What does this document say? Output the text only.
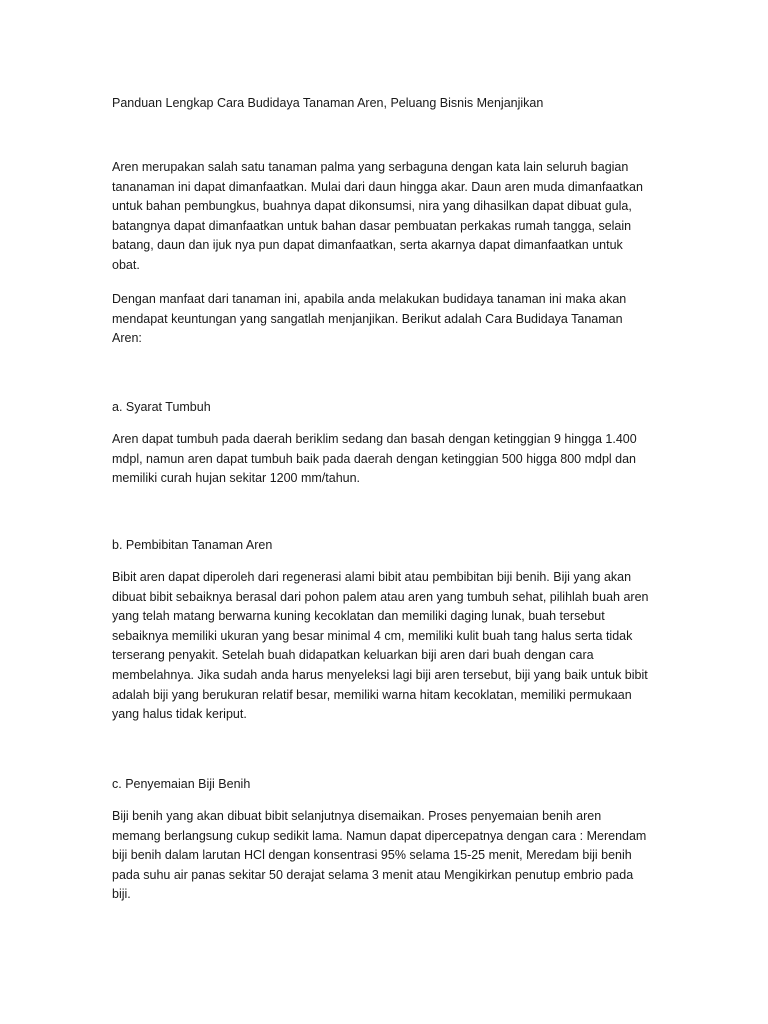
Panduan Lengkap Cara Budidaya Tanaman Aren, Peluang Bisnis Menjanjikan

Aren merupakan salah satu tanaman palma yang serbaguna dengan kata lain seluruh bagian tananaman ini dapat dimanfaatkan. Mulai dari daun hingga akar. Daun aren muda dimanfaatkan untuk bahan pembungkus, buahnya dapat dikonsumsi, nira yang dihasilkan dapat dibuat gula, batangnya dapat dimanfaatkan untuk bahan dasar pembuatan perkakas rumah tangga, selain batang, daun dan ijuk nya pun dapat dimanfaatkan, serta akarnya dapat dimanfaatkan untuk obat.

Dengan manfaat dari tanaman ini, apabila anda melakukan budidaya tanaman ini maka akan mendapat keuntungan yang sangatlah menjanjikan. Berikut adalah Cara Budidaya Tanaman Aren:

a. Syarat Tumbuh

Aren dapat tumbuh pada daerah beriklim sedang dan basah dengan ketinggian 9 hingga 1.400 mdpl, namun aren dapat tumbuh baik pada daerah dengan ketinggian 500 higga 800 mdpl dan memiliki curah hujan sekitar 1200 mm/tahun.

b. Pembibitan Tanaman Aren

Bibit aren dapat diperoleh dari regenerasi alami bibit atau pembibitan biji benih. Biji yang akan dibuat bibit sebaiknya berasal dari pohon palem atau aren yang tumbuh sehat, pilihlah buah aren yang telah matang berwarna kuning kecoklatan dan memiliki daging lunak, buah tersebut sebaiknya memiliki ukuran yang besar minimal 4 cm, memiliki kulit buah tang halus serta tidak terserang penyakit. Setelah buah didapatkan keluarkan biji aren dari buah dengan cara membelahnya. Jika sudah anda harus menyeleksi lagi biji aren tersebut, biji yang baik untuk bibit adalah biji yang berukuran relatif besar, memiliki warna hitam kecoklatan, memiliki permukaan yang halus tidak keriput.

c. Penyemaian Biji Benih

Biji benih yang akan dibuat bibit selanjutnya disemaikan. Proses penyemaian benih aren memang berlangsung cukup sedikit lama. Namun dapat dipercepatnya dengan cara : Merendam biji benih dalam larutan HCl dengan konsentrasi 95% selama 15-25 menit, Meredam biji benih pada suhu air panas sekitar 50 derajat selama 3 menit atau Mengikirkan penutup embrio pada biji.
